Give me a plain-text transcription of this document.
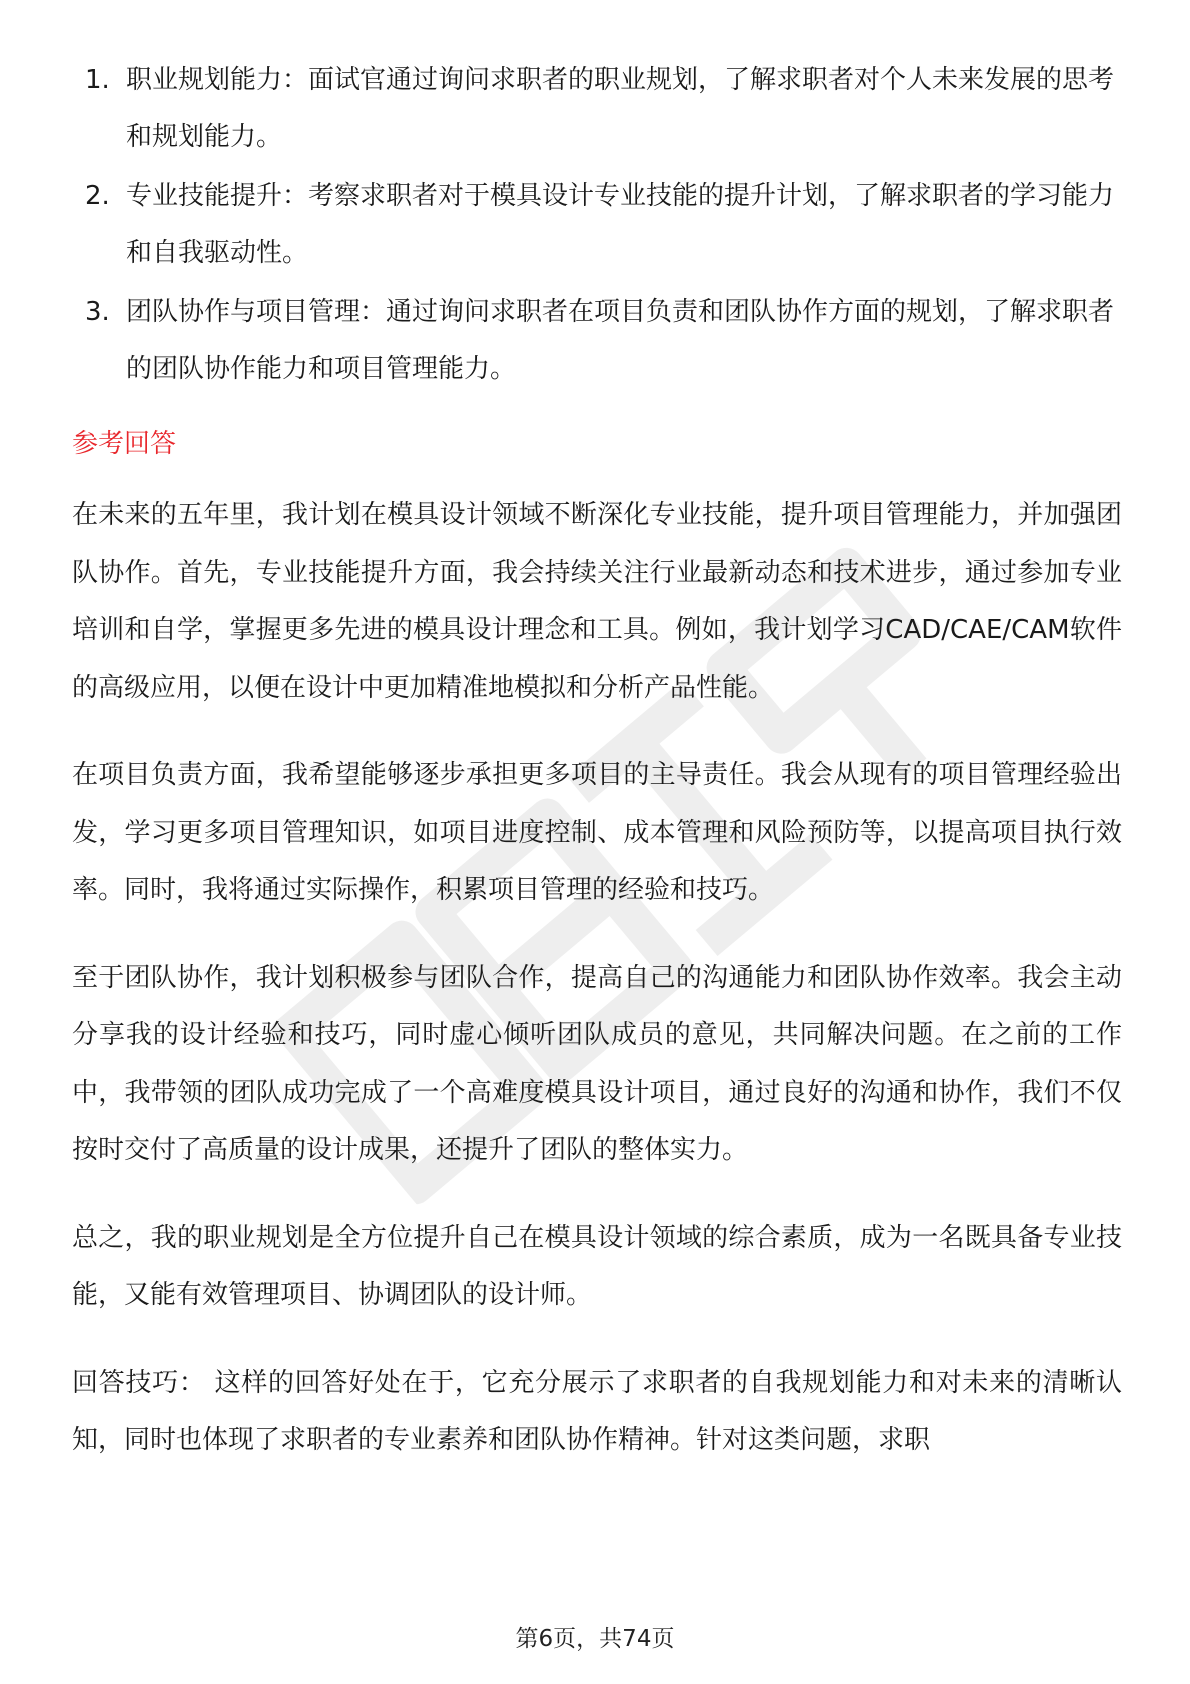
1. 职业规划能力：面试官通过询问求职者的职业规划，了解求职者对个人未来发展的思考和规划能力。
2. 专业技能提升：考察求职者对于模具设计专业技能的提升计划，了解求职者的学习能力和自我驱动性。
3. 团队协作与项目管理：通过询问求职者在项目负责和团队协作方面的规划，了解求职者的团队协作能力和项目管理能力。
参考回答

在未来的五年里，我计划在模具设计领域不断深化专业技能，提升项目管理能力，并加强团队协作。首先，专业技能提升方面，我会持续关注行业最新动态和技术进步，通过参加专业培训和自学，掌握更多先进的模具设计理念和工具。例如，我计划学习CAD/CAE/CAM软件的高级应用，以便在设计中更加精准地模拟和分析产品性能。

在项目负责方面，我希望能够逐步承担更多项目的主导责任。我会从现有的项目管理经验出发，学习更多项目管理知识，如项目进度控制、成本管理和风险预防等，以提高项目执行效率。同时，我将通过实际操作，积累项目管理的经验和技巧。

至于团队协作，我计划积极参与团队合作，提高自己的沟通能力和团队协作效率。我会主动分享我的设计经验和技巧，同时虚心倾听团队成员的意见，共同解决问题。在之前的工作中，我带领的团队成功完成了一个高难度模具设计项目，通过良好的沟通和协作，我们不仅按时交付了高质量的设计成果，还提升了团队的整体实力。

总之，我的职业规划是全方位提升自己在模具设计领域的综合素质，成为一名既具备专业技能，又能有效管理项目、协调团队的设计师。

回答技巧： 这样的回答好处在于，它充分展示了求职者的自我规划能力和对未来的清晰认知，同时也体现了求职者的专业素养和团队协作精神。针对这类问题，求职

第6页，共74页
